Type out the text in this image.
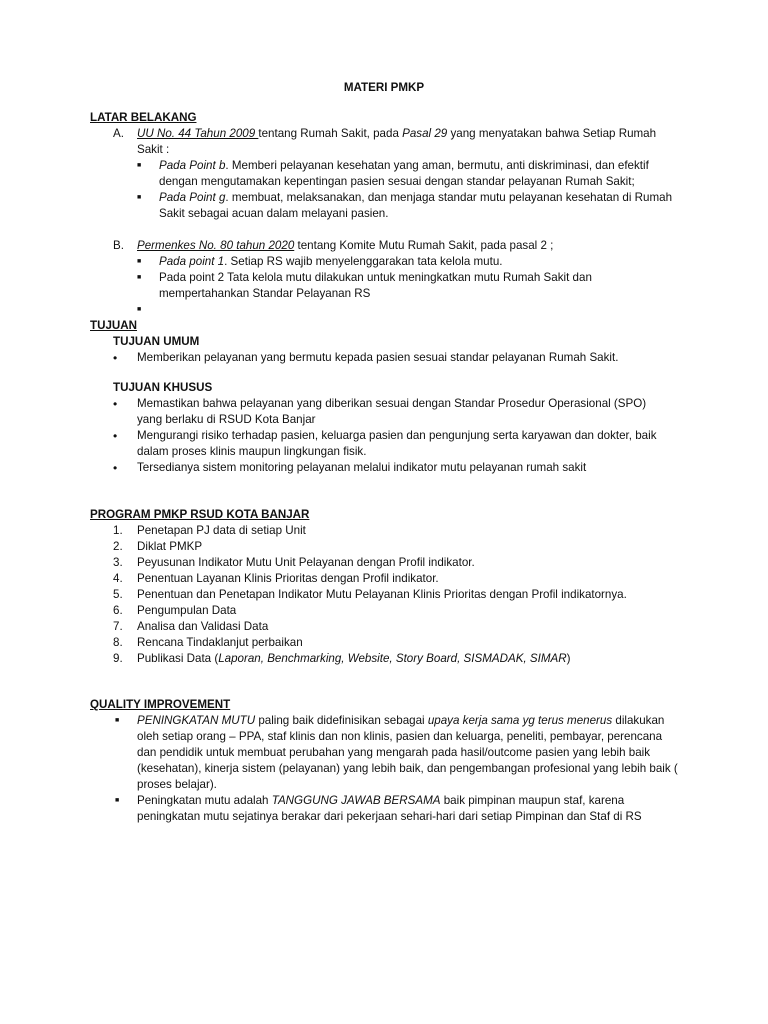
MATERI PMKP
LATAR BELAKANG
A. UU No. 44 Tahun 2009 tentang Rumah Sakit, pada Pasal 29 yang menyatakan bahwa Setiap Rumah Sakit :
■ Pada Point b. Memberi pelayanan kesehatan yang aman, bermutu, anti diskriminasi, dan efektif dengan mengutamakan kepentingan pasien sesuai dengan standar pelayanan Rumah Sakit;
■ Pada Point g. membuat, melaksanakan, dan menjaga standar mutu pelayanan kesehatan di Rumah Sakit sebagai acuan dalam melayani pasien.
B. Permenkes No. 80 tahun 2020 tentang Komite Mutu Rumah Sakit, pada pasal 2 ;
■ Pada point 1. Setiap RS wajib menyelenggarakan tata kelola mutu.
■ Pada point 2 Tata kelola mutu dilakukan untuk meningkatkan mutu Rumah Sakit dan mempertahankan Standar Pelayanan RS
■
TUJUAN
TUJUAN UMUM
• Memberikan pelayanan yang bermutu kepada pasien sesuai standar pelayanan Rumah Sakit.
TUJUAN KHUSUS
• Memastikan bahwa pelayanan yang diberikan sesuai dengan Standar Prosedur Operasional (SPO) yang berlaku di RSUD Kota Banjar
• Mengurangi risiko terhadap pasien, keluarga pasien dan pengunjung serta karyawan dan dokter, baik dalam proses klinis maupun lingkungan fisik.
• Tersedianya sistem monitoring pelayanan melalui indikator mutu pelayanan rumah sakit
PROGRAM PMKP RSUD KOTA BANJAR
1. Penetapan PJ data di setiap Unit
2. Diklat PMKP
3. Peyusunan Indikator Mutu Unit Pelayanan dengan Profil indikator.
4. Penentuan Layanan Klinis Prioritas dengan Profil indikator.
5. Penentuan dan Penetapan Indikator Mutu Pelayanan Klinis Prioritas dengan Profil indikatornya.
6. Pengumpulan Data
7. Analisa dan Validasi Data
8. Rencana Tindaklanjut perbaikan
9. Publikasi Data (Laporan, Benchmarking, Website, Story Board, SISMADAK, SIMAR)
QUALITY IMPROVEMENT
■ PENINGKATAN MUTU paling baik didefinisikan sebagai upaya kerja sama yg terus menerus dilakukan oleh setiap orang – PPA, staf klinis dan non klinis, pasien dan keluarga, peneliti, pembayar, perencana dan pendidik untuk membuat perubahan yang mengarah pada hasil/outcome pasien yang lebih baik (kesehatan), kinerja sistem (pelayanan) yang lebih baik, dan pengembangan profesional yang lebih baik ( proses belajar).
■ Peningkatan mutu adalah TANGGUNG JAWAB BERSAMA baik pimpinan maupun staf, karena peningkatan mutu sejatinya berakar dari pekerjaan sehari-hari dari setiap Pimpinan dan Staf di RS
